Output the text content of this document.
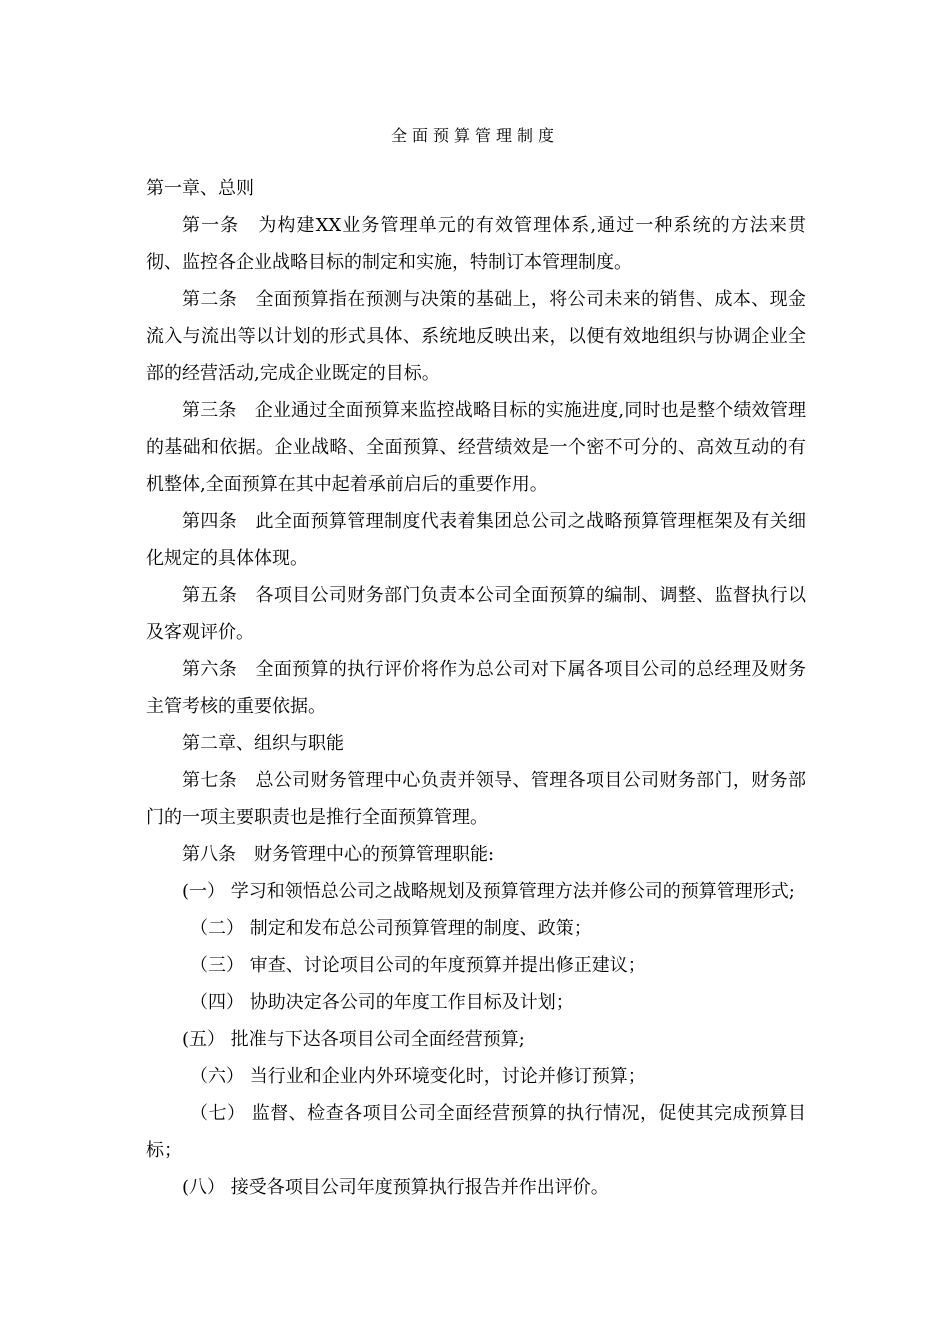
全面预算管理制度

第一章、总则

第一条　为构建XX业务管理单元的有效管理体系,通过一种系统的方法来贯彻、监控各企业战略目标的制定和实施，特制订本管理制度。

第二条　全面预算指在预测与决策的基础上，将公司未来的销售、成本、现金流入与流出等以计划的形式具体、系统地反映出来，以便有效地组织与协调企业全部的经营活动,完成企业既定的目标。

第三条　企业通过全面预算来监控战略目标的实施进度,同时也是整个绩效管理的基础和依据。企业战略、全面预算、经营绩效是一个密不可分的、高效互动的有机整体,全面预算在其中起着承前启后的重要作用。

第四条　此全面预算管理制度代表着集团总公司之战略预算管理框架及有关细化规定的具体体现。

第五条　各项目公司财务部门负责本公司全面预算的编制、调整、监督执行以及客观评价。

第六条　全面预算的执行评价将作为总公司对下属各项目公司的总经理及财务主管考核的重要依据。

第二章、组织与职能

第七条　总公司财务管理中心负责并领导、管理各项目公司财务部门，财务部门的一项主要职责也是推行全面预算管理。

第八条　财务管理中心的预算管理职能:

(一） 学习和领悟总公司之战略规划及预算管理方法并修公司的预算管理形式;

（二） 制定和发布总公司预算管理的制度、政策；

（三） 审查、讨论项目公司的年度预算并提出修正建议；

（四） 协助决定各公司的年度工作目标及计划；

(五） 批准与下达各项目公司全面经营预算;

（六） 当行业和企业内外环境变化时，讨论并修订预算；

（七） 监督、检查各项目公司全面经营预算的执行情况，促使其完成预算目标；

(八） 接受各项目公司年度预算执行报告并作出评价。
